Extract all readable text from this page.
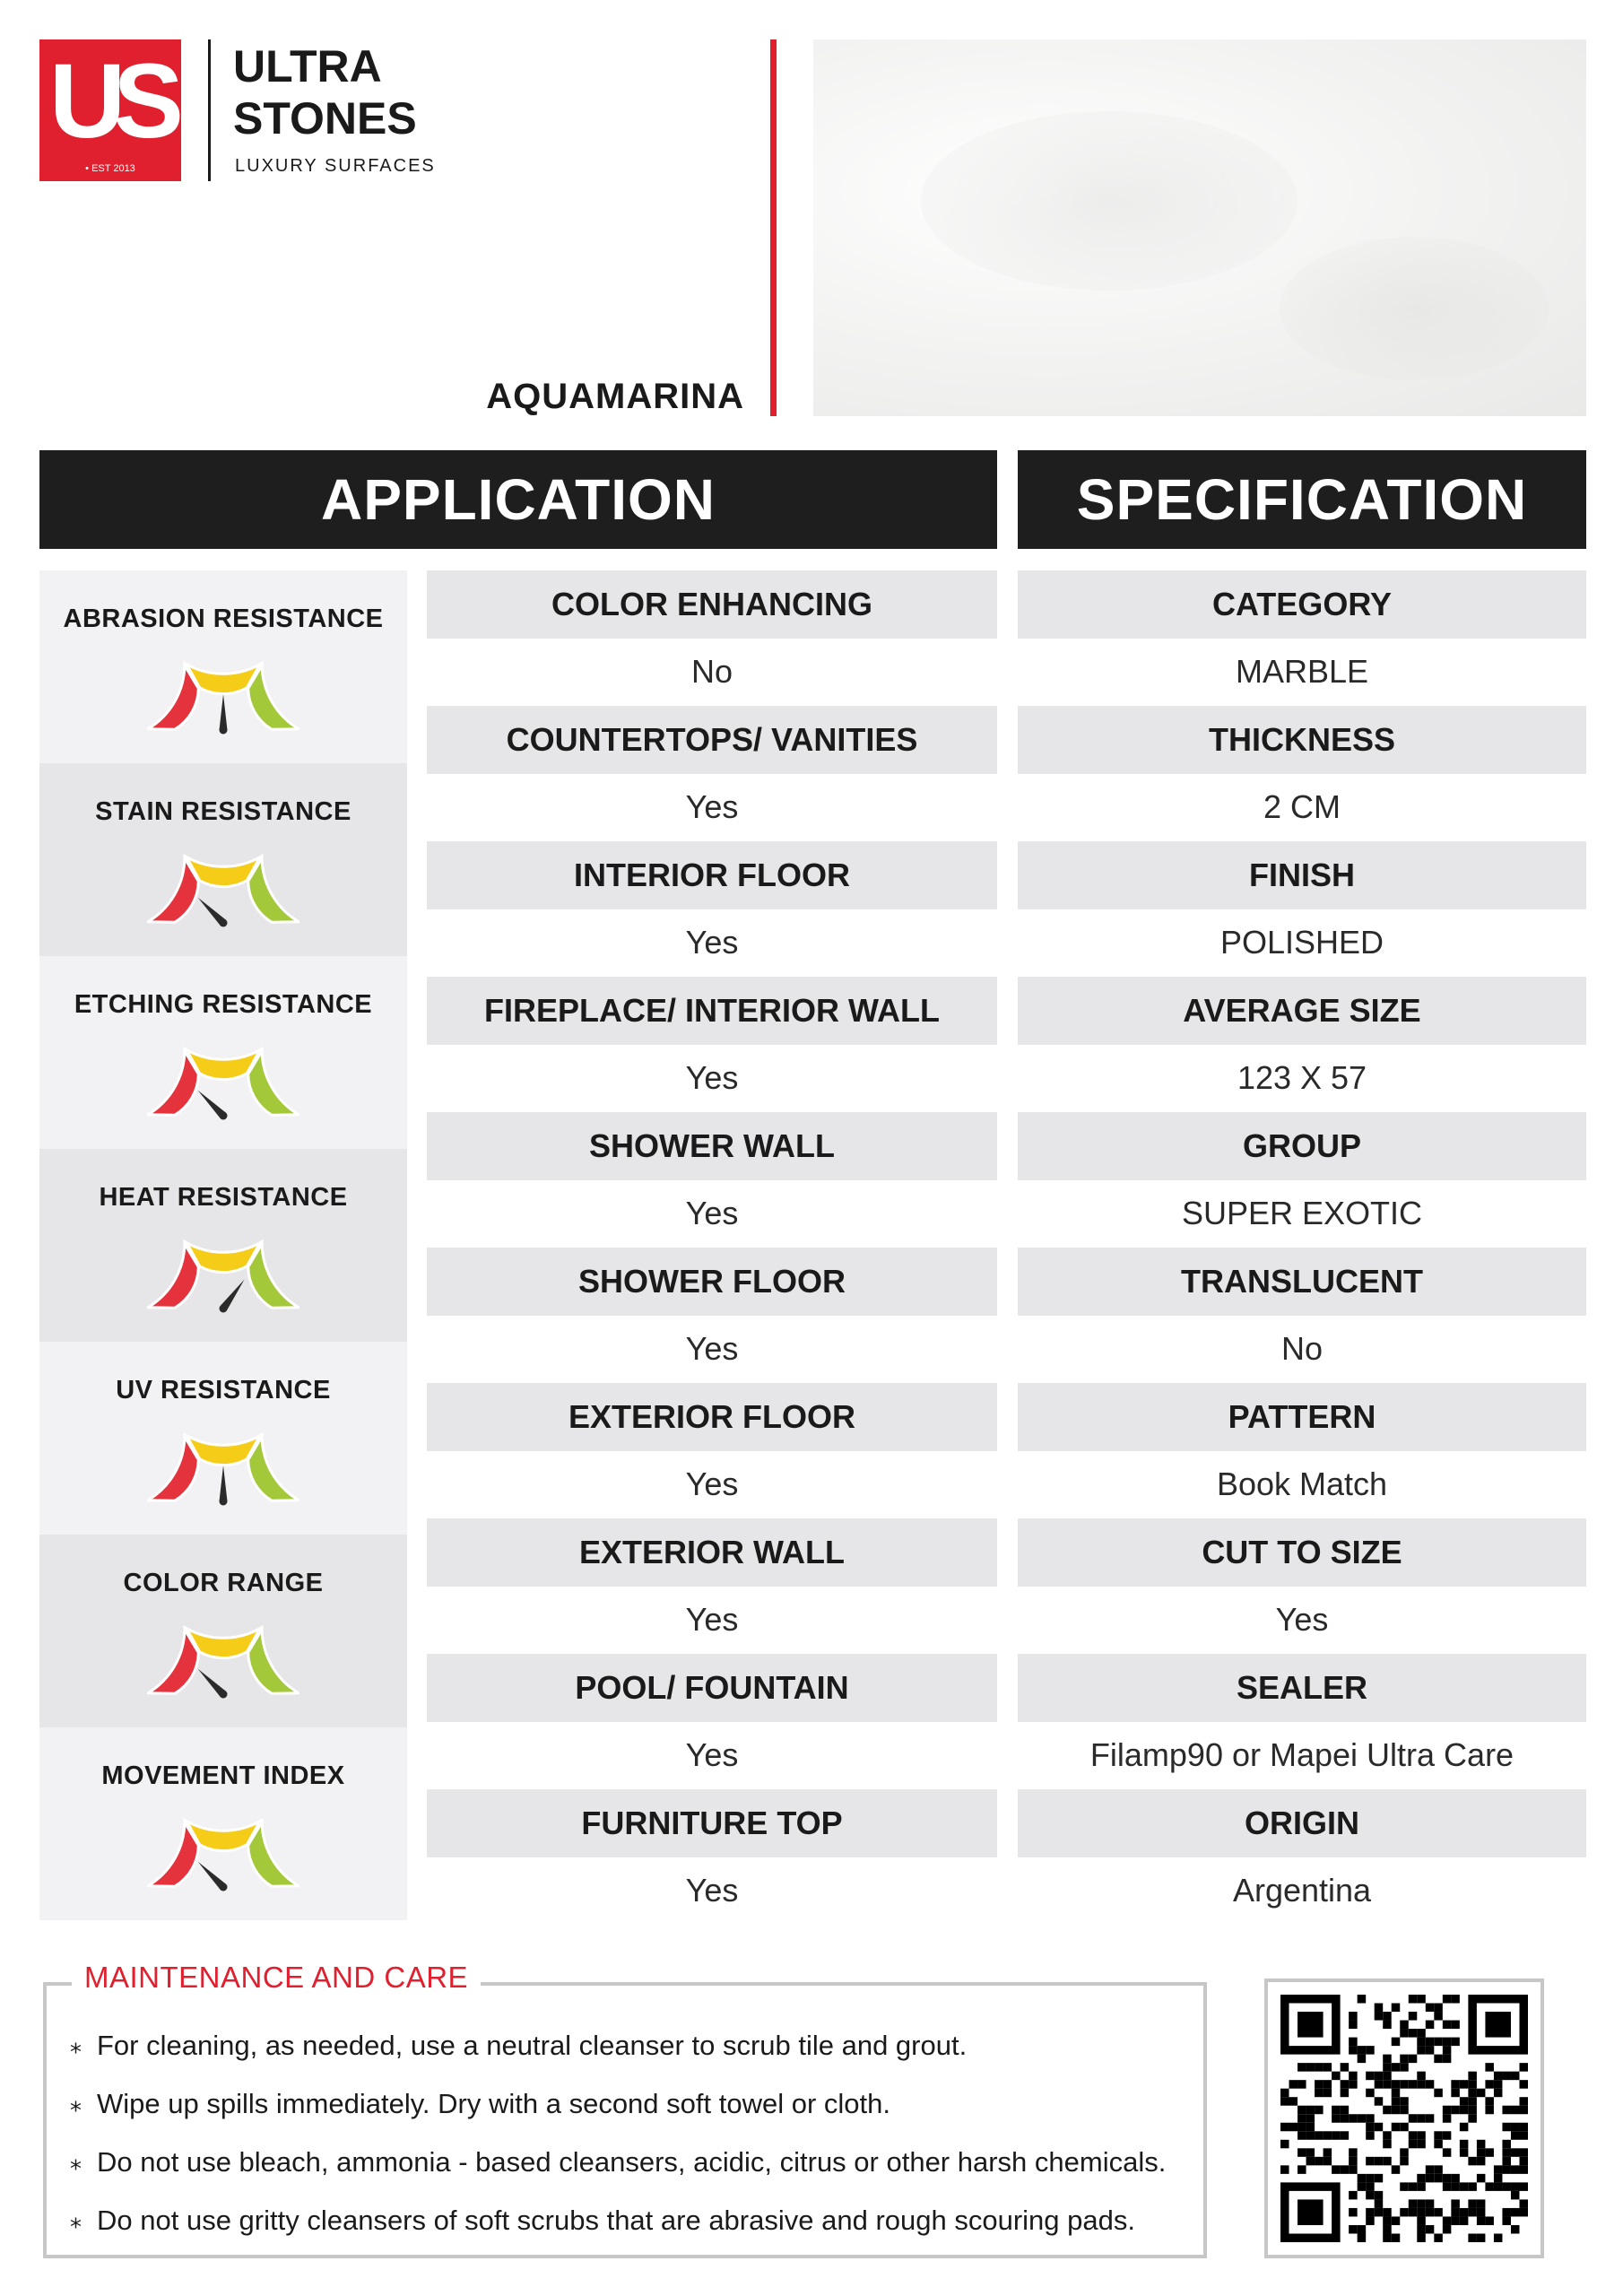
US
• EST 2013
ULTRA
STONES
LUXURY SURFACES
AQUAMARINA
APPLICATION	SPECIFICATION
ABRASION RESISTANCE
STAIN RESISTANCE
ETCHING RESISTANCE
HEAT RESISTANCE
UV RESISTANCE
COLOR RANGE
MOVEMENT INDEX
COLOR ENHANCING
No
COUNTERTOPS/ VANITIES
Yes
INTERIOR FLOOR
Yes
FIREPLACE/ INTERIOR WALL
Yes
SHOWER WALL
Yes
SHOWER FLOOR
Yes
EXTERIOR FLOOR
Yes
EXTERIOR WALL
Yes
POOL/ FOUNTAIN
Yes
FURNITURE TOP
Yes
CATEGORY
MARBLE
THICKNESS
2 CM
FINISH
POLISHED
AVERAGE SIZE
123 X 57
GROUP
SUPER EXOTIC
TRANSLUCENT
No
PATTERN
Book Match
CUT TO SIZE
Yes
SEALER
Filamp90 or Mapei Ultra Care
ORIGIN
Argentina
MAINTENANCE AND CARE
⁎ For cleaning, as needed, use a neutral cleanser to scrub tile and grout.
⁎ Wipe up spills immediately. Dry with a second soft towel or cloth.
⁎ Do not use bleach, ammonia - based cleansers, acidic, citrus or other harsh chemicals.
⁎ Do not use gritty cleansers of soft scrubs that are abrasive and rough scouring pads.
